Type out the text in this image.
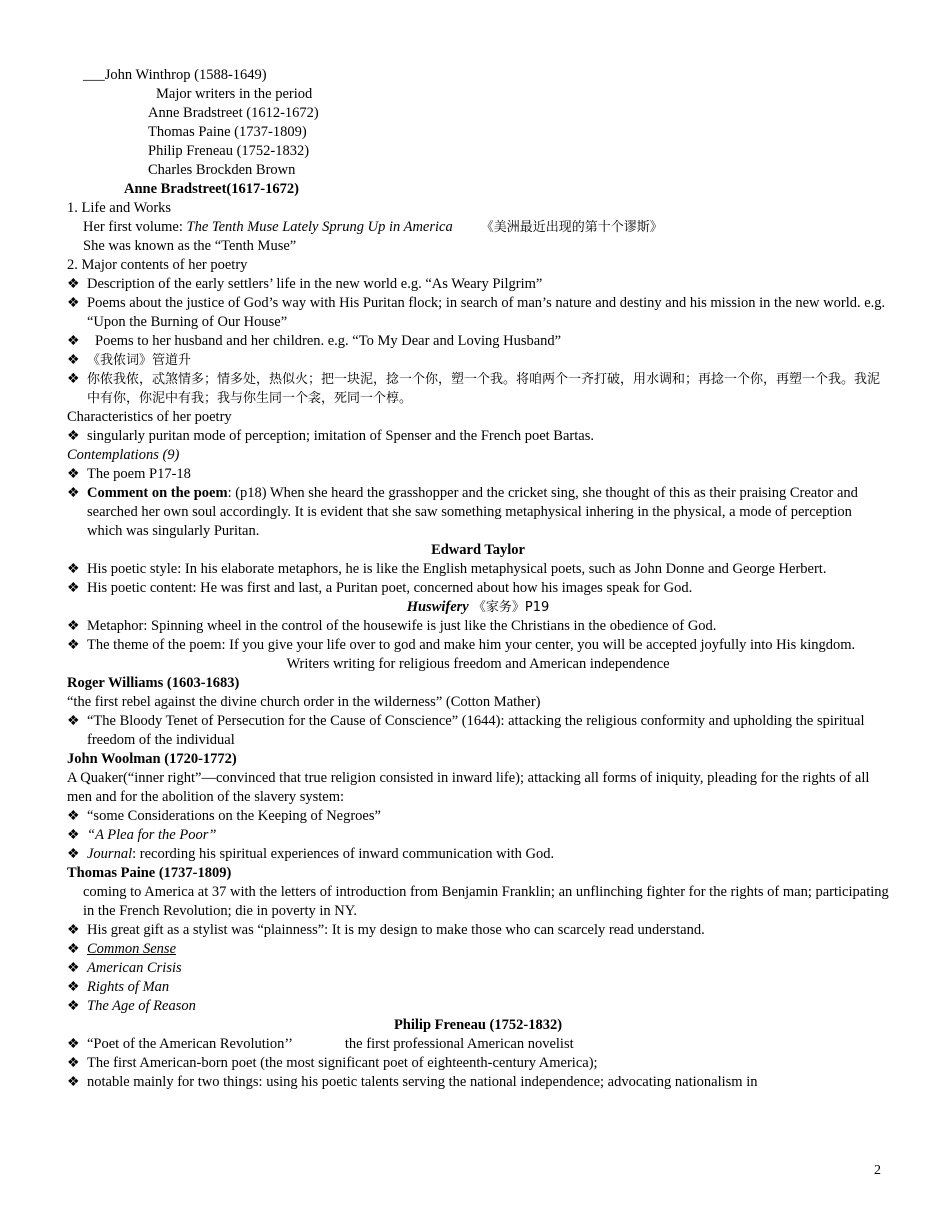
___John Winthrop (1588-1649)
Major writers in the period
Anne Bradstreet (1612-1672)
Thomas Paine (1737-1809)
Philip Freneau (1752-1832)
Charles Brockden Brown
Anne Bradstreet(1617-1672)
1. Life and Works
Her first volume: The Tenth Muse Lately Sprung Up in America 《美洲最近出现的第十个谬斯》
She was known as the “Tenth Muse”
2. Major contents of her poetry
❖ Description of the early settlers’ life in the new world e.g. “As Weary Pilgrim”
❖ Poems about the justice of God’s way with His Puritan flock; in search of man’s nature and destiny and his mission in the new world. e.g. “Upon the Burning of Our House”
❖ Poems to her husband and her children. e.g. “To My Dear and Loving Husband”
❖ 《我侬词》管道升
❖ 你侬我侬，忒煞情多；情多处，热似火；把一块泥，捻一个你，塑一个我。将咱两个一齐打破，用水调和；再捻一个你，再塑一个我。我泥中有你，你泥中有我；我与你生同一个衾，死同一个椁。
Characteristics of her poetry
❖ singularly puritan mode of perception; imitation of Spenser and the French poet Bartas.
Contemplations (9)
❖ The poem P17-18
❖ Comment on the poem: (p18) When she heard the grasshopper and the cricket sing, she thought of this as their praising Creator and searched her own soul accordingly. It is evident that she saw something metaphysical inhering in the physical, a mode of perception which was singularly Puritan.
Edward Taylor
❖ His poetic style: In his elaborate metaphors, he is like the English metaphysical poets, such as John Donne and George Herbert.
❖ His poetic content: He was first and last, a Puritan poet, concerned about how his images speak for God.
Huswifery 《家务》P19
❖ Metaphor: Spinning wheel in the control of the housewife is just like the Christians in the obedience of God.
❖ The theme of the poem: If you give your life over to god and make him your center, you will be accepted joyfully into His kingdom.
Writers writing for religious freedom and American independence
Roger Williams (1603-1683)
“the first rebel against the divine church order in the wilderness” (Cotton Mather)
❖ “The Bloody Tenet of Persecution for the Cause of Conscience” (1644): attacking the religious conformity and upholding the spiritual freedom of the individual
John Woolman (1720-1772)
A Quaker(“inner right”—convinced that true religion consisted in inward life); attacking all forms of iniquity, pleading for the rights of all men and for the abolition of the slavery system:
❖ “some Considerations on the Keeping of Negroes”
❖ “A Plea for the Poor”
❖ Journal: recording his spiritual experiences of inward communication with God.
Thomas Paine (1737-1809)
coming to America at 37 with the letters of introduction from Benjamin Franklin; an unflinching fighter for the rights of man; participating in the French Revolution; die in poverty in NY.
❖ His great gift as a stylist was “plainness”: It is my design to make those who can scarcely read understand.
❖ Common Sense
❖ American Crisis
❖ Rights of Man
❖ The Age of Reason
Philip Freneau (1752-1832)
❖ “Poet of the American Revolution’’	the first professional American novelist
❖ The first American-born poet (the most significant poet of eighteenth-century America);
❖ notable mainly for two things: using his poetic talents serving the national independence; advocating nationalism in
2
